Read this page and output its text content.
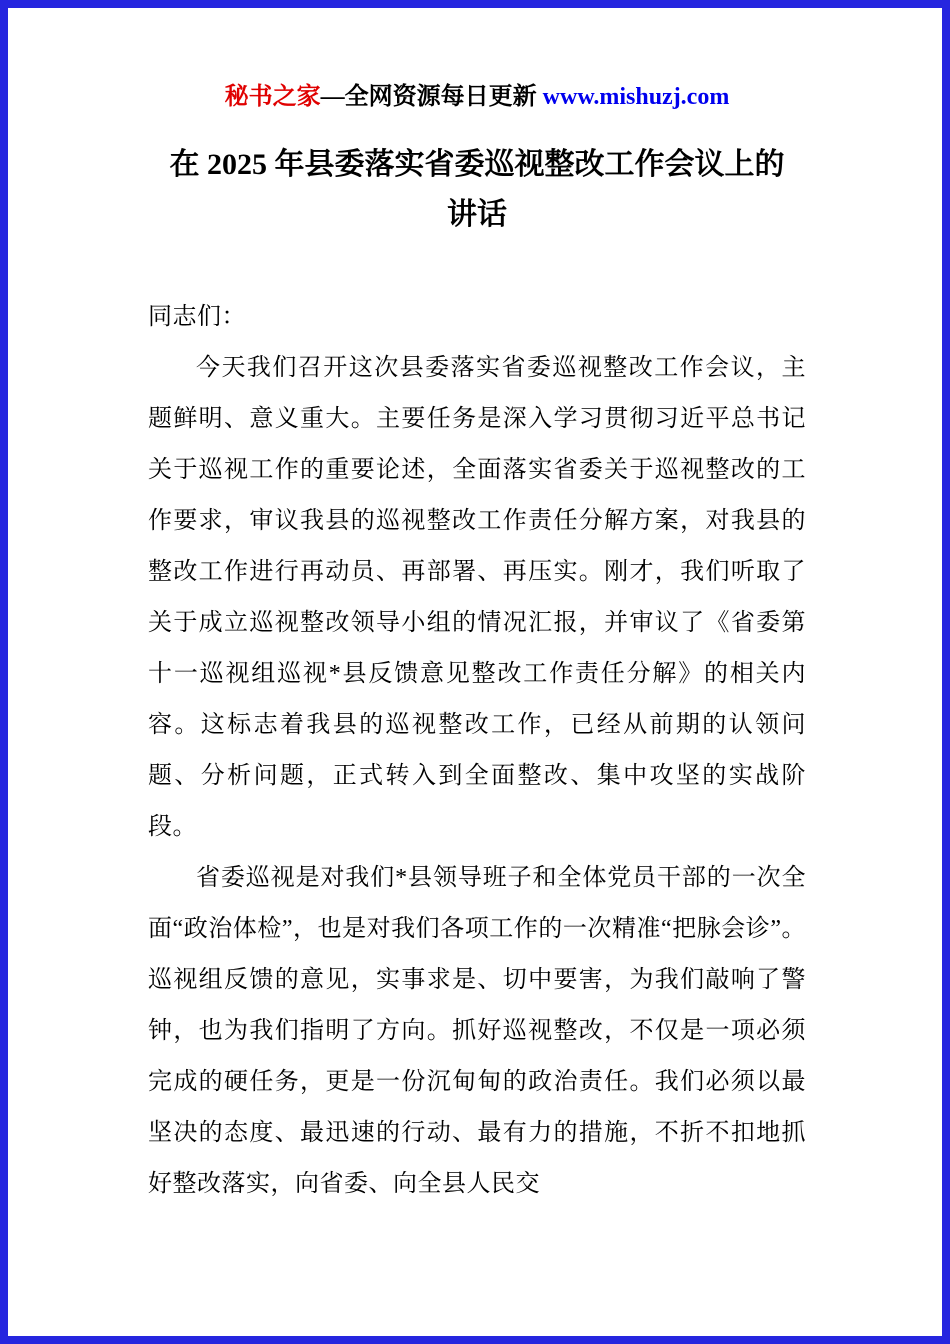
秘书之家—全网资源每日更新 www.mishuzj.com
在 2025 年县委落实省委巡视整改工作会议上的
讲话

同志们：

今天我们召开这次县委落实省委巡视整改工作会议，主题鲜明、意义重大。主要任务是深入学习贯彻习近平总书记关于巡视工作的重要论述，全面落实省委关于巡视整改的工作要求，审议我县的巡视整改工作责任分解方案，对我县的整改工作进行再动员、再部署、再压实。刚才，我们听取了关于成立巡视整改领导小组的情况汇报，并审议了《省委第十一巡视组巡视*县反馈意见整改工作责任分解》的相关内容。这标志着我县的巡视整改工作，已经从前期的认领问题、分析问题，正式转入到全面整改、集中攻坚的实战阶段。

省委巡视是对我们*县领导班子和全体党员干部的一次全面“政治体检”，也是对我们各项工作的一次精准“把脉会诊”。巡视组反馈的意见，实事求是、切中要害，为我们敲响了警钟，也为我们指明了方向。抓好巡视整改，不仅是一项必须完成的硬任务，更是一份沉甸甸的政治责任。我们必须以最坚决的态度、最迅速的行动、最有力的措施，不折不扣地抓好整改落实，向省委、向全县人民交
